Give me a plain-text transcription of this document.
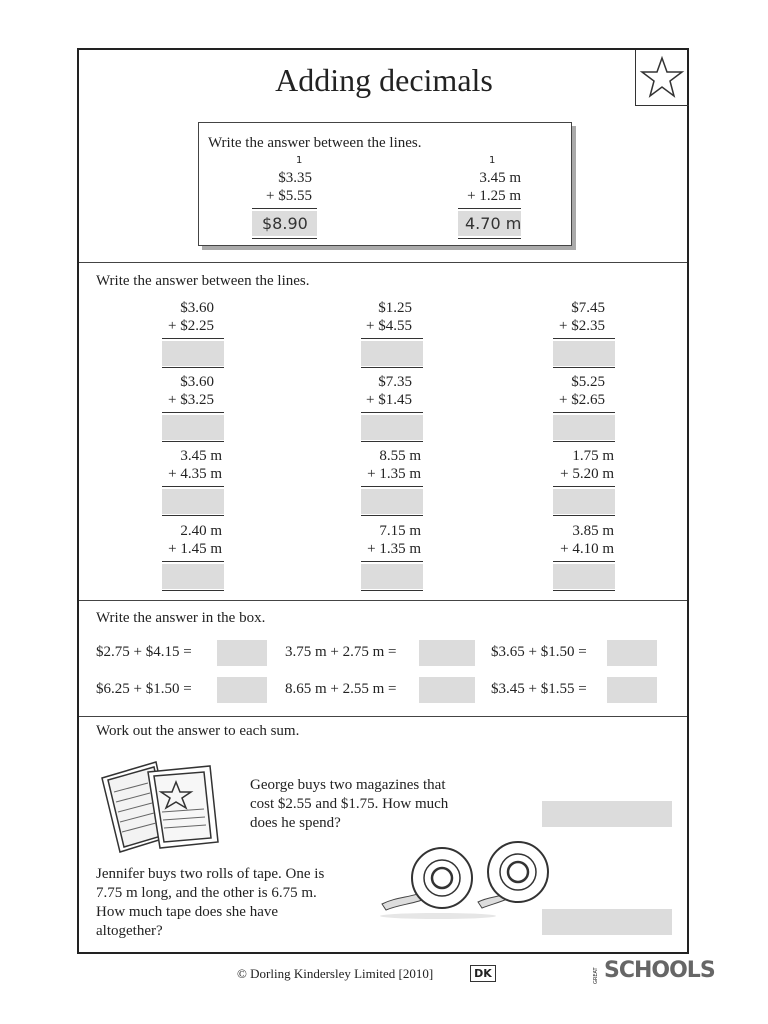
Adding decimals
Write the answer between the lines.
1
$3.35
+ $5.55
$8.90
1
3.45 m
+ 1.25 m
4.70 m
Write the answer between the lines.
$3.60
+ $2.25
$1.25
+ $4.55
$7.45
+ $2.35
$3.60
+ $3.25
$7.35
+ $1.45
$5.25
+ $2.65
3.45 m
+ 4.35 m
8.55 m
+ 1.35 m
1.75 m
+ 5.20 m
2.40 m
+ 1.45 m
7.15 m
+ 1.35 m
3.85 m
+ 4.10 m
Write the answer in the box.
$2.75 + $4.15 =	3.75 m + 2.75 m =	$3.65 + $1.50 =
$6.25 + $1.50 =	8.65 m + 2.55 m =	$3.45 + $1.55 =
Work out the answer to each sum.
George buys two magazines that
cost $2.55 and $1.75. How much
does he spend?
Jennifer buys two rolls of tape. One is
7.75 m long, and the other is 6.75 m.
How much tape does she have
altogether?
© Dorling Kindersley Limited [2010]	DK	GREAT SCHOOLS
